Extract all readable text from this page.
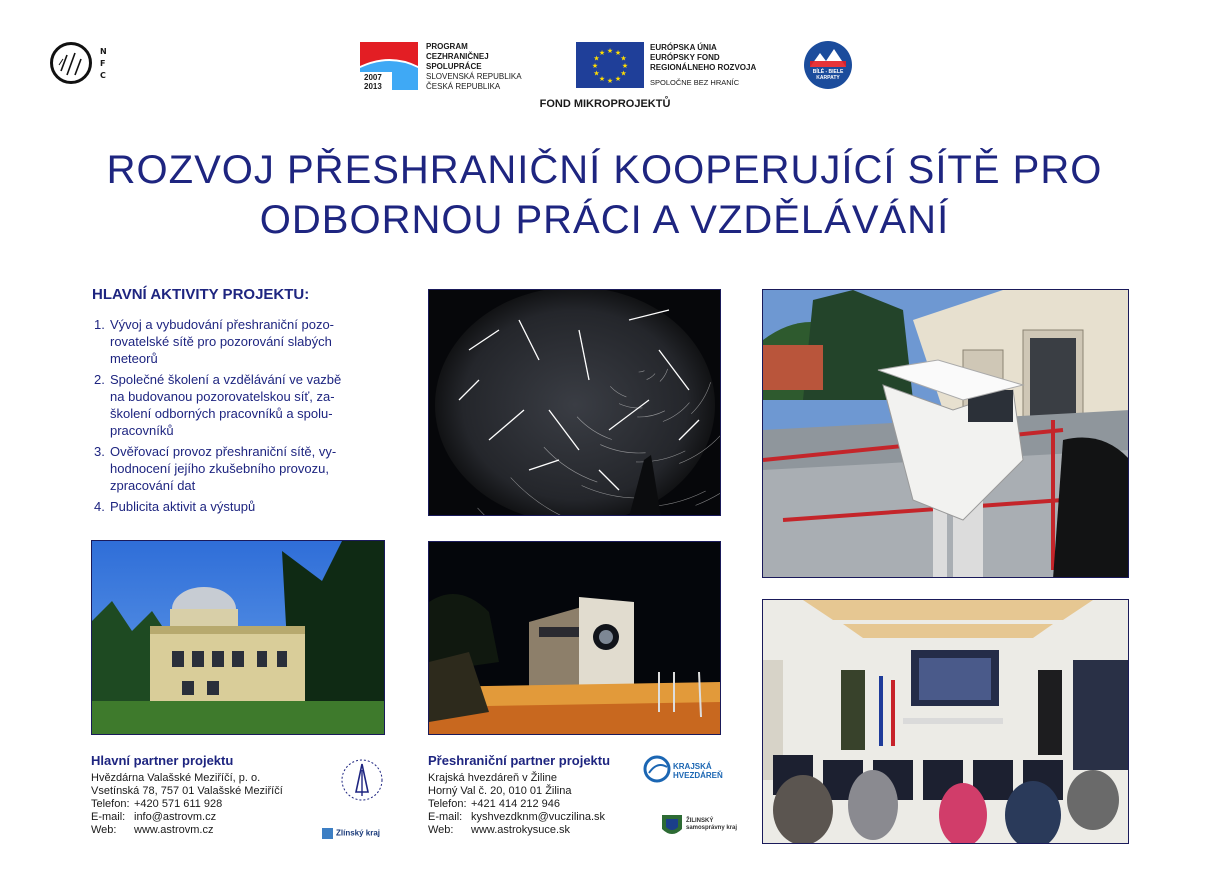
NFC	2007
2013
PROGRAM
CEZHRANIČNEJ
SPOLUPRÁCE
SLOVENSKÁ REPUBLIKA
ČESKÁ REPUBLIKA
★ ★
★
★
★
★
★
★
★
★
★
★
EURÓPSKA ÚNIA
EURÓPSKY FOND
REGIONÁLNEHO ROZVOJA
SPOLOČNE BEZ HRANÍC
BÍLÉ - BIELE
KARPATY
FOND MIKROPROJEKTŮ
ROZVOJ PŘESHRANIČNÍ KOOPERUJÍCÍ SÍTĚ PRO
ODBORNOU PRÁCI A VZDĚLÁVÁNÍ
HLAVNÍ AKTIVITY PROJEKTU:
1. Vývoj a vybudování přeshraniční pozo-
rovatelské sítě pro pozorování slabých
meteorů
2. Společné školení a vzdělávání ve vazbě
na budovanou pozorovatelskou síť, za-
školení odborných pracovníků a spolu-
pracovníků
3. Ověřovací provoz přeshraniční sítě, vy-
hodnocení jejího zkušebního provozu,
zpracování dat
4. Publicita aktivit a výstupů
Hlavní partner projektu
Hvězdárna Valašské Meziříčí, p. o.
Vsetínská 78, 757 01 Valašské Meziříčí
Telefon: +420 571 611 928
E-mail: info@astrovm.cz
Web: www.astrovm.cz	Zlínský kraj
Přeshraniční partner projektu
Krajská hvezdáreň v Žiline
Horný Val č. 20, 010 01 Žilina
Telefon: +421 414 212 946
E-mail: kyshvezdknm@vuczilina.sk
Web: www.astrokysuce.sk
KRAJSKÁ
HVEZDÁREŇ
ŽILINSKÝ
samosprávny kraj
